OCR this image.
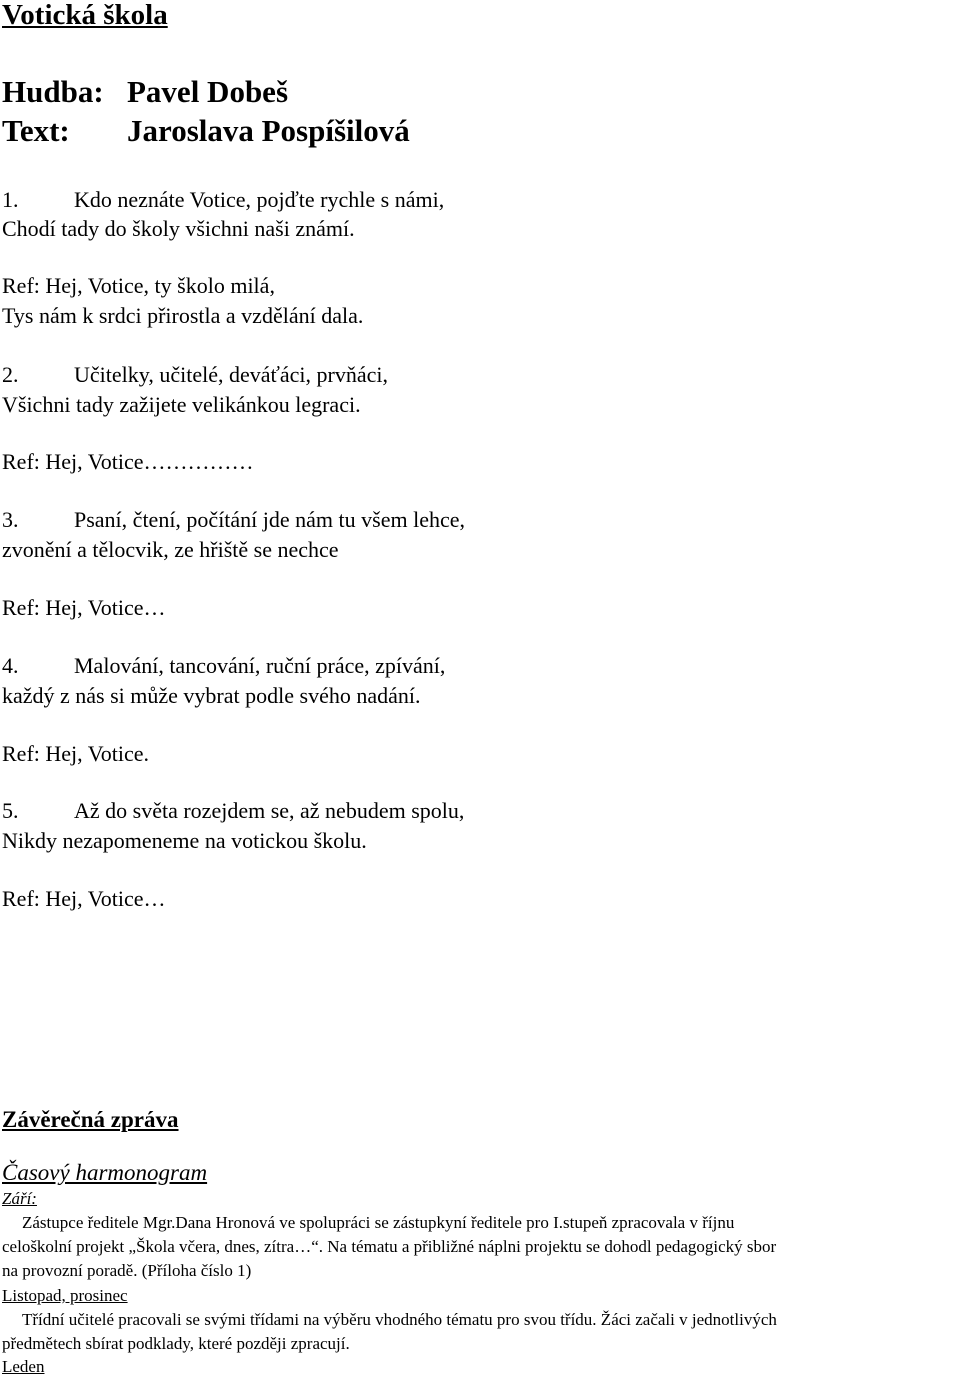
Votická škola
Hudba: Pavel Dobeš
Text: Jaroslava Pospíšilová
1.	Kdo neznáte Votice, pojďte rychle s námi,
Chodí tady do školy všichni naši známí.
Ref: Hej, Votice, ty školo milá,
Tys nám k srdci přirostla a vzdělání dala.
2.	Učitelky, učitelé, deváťáci, prvňáci,
Všichni tady zažijete velikánkou legraci.
Ref: Hej, Votice……………
3.	Psaní, čtení, počítání jde nám tu všem lehce,
zvonění a tělocvik, ze hřiště se nechce
Ref: Hej, Votice…
4.	Malování, tancování, ruční práce, zpívání,
každý z nás si může vybrat podle svého nadání.
Ref: Hej, Votice.
5.	Až do světa rozejdem se, až nebudem spolu,
Nikdy nezapomeneme na votickou školu.
Ref: Hej, Votice…
Závěrečná zpráva
Časový harmonogram
Září:
Zástupce ředitele Mgr.Dana Hronová ve spolupráci se zástupkyní ředitele pro I.stupeň zpracovala v říjnu
celoškolní projekt „Škola včera, dnes, zítra…“. Na tématu a přibližné náplni projektu se dohodl pedagogický sbor
na provozní poradě. (Příloha číslo 1)
Listopad, prosinec
Třídní učitelé pracovali se svými třídami na výběru vhodného tématu pro svou třídu. Žáci začali v jednotlivých
předmětech sbírat podklady, které později zpracují.
Leden
